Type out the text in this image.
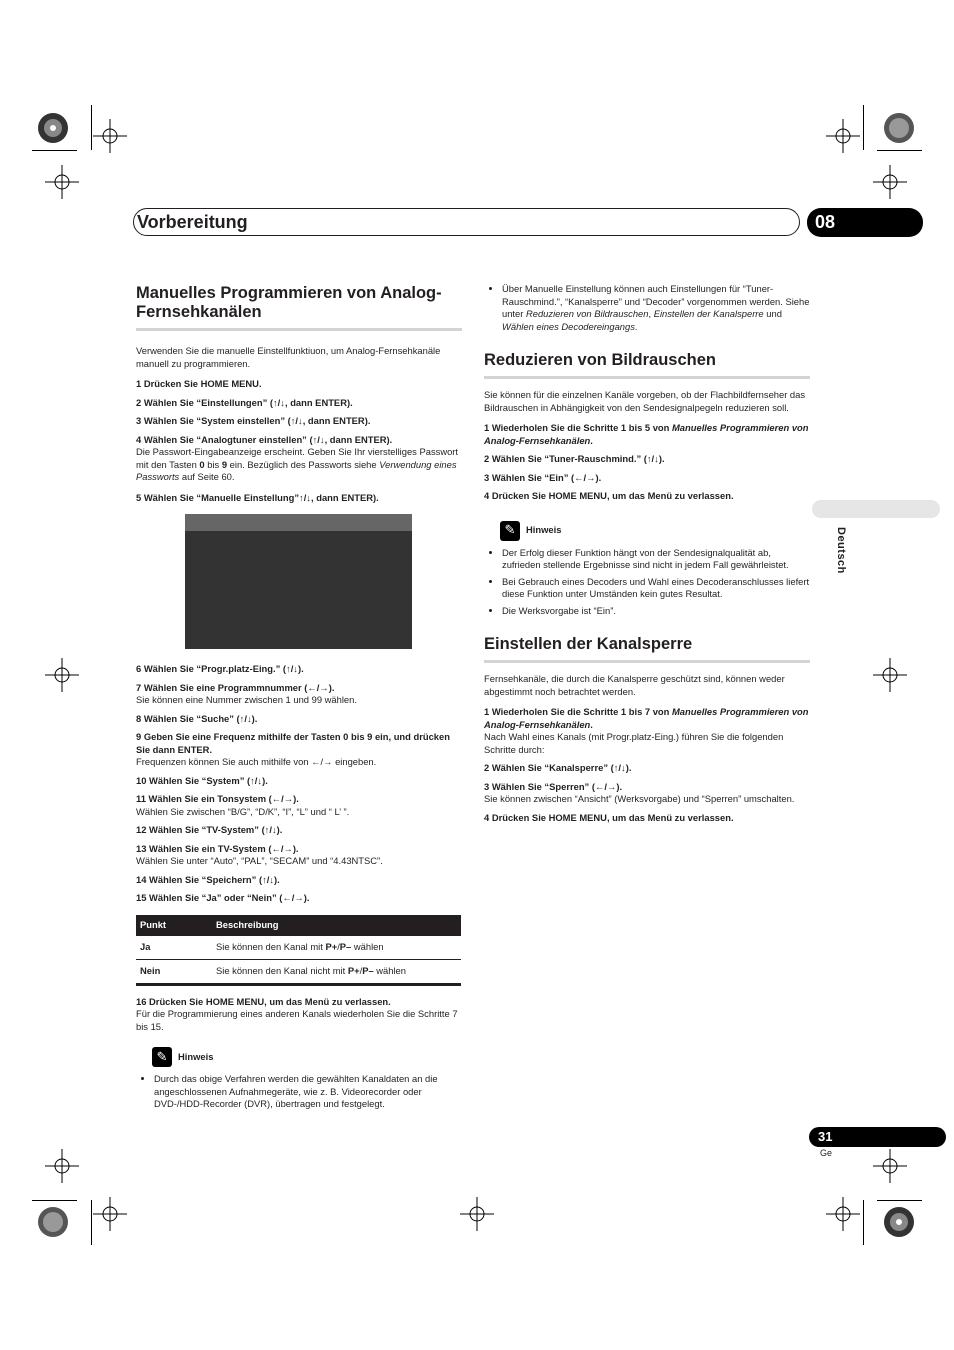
Vorbereitung	08
Deutsch
Manuelles Programmieren von Analog-Fernsehkanälen

Verwenden Sie die manuelle Einstellfunktiuon, um Analog-Fernsehkanäle manuell zu programmieren.

1 Drücken Sie HOME MENU.

2 Wählen Sie “Einstellungen” (↑/↓, dann ENTER).

3 Wählen Sie “System einstellen” (↑/↓, dann ENTER).

4 Wählen Sie “Analogtuner einstellen” (↑/↓, dann ENTER).

Die Passwort-Eingabeanzeige erscheint. Geben Sie Ihr vierstelliges Passwort mit den Tasten 0 bis 9 ein. Bezüglich des Passworts siehe Verwendung eines Passworts auf Seite 60.

5 Wählen Sie “Manuelle Einstellung”↑/↓, dann ENTER).

6 Wählen Sie “Progr.platz-Eing.” (↑/↓).

7 Wählen Sie eine Programmnummer (←/→).

Sie können eine Nummer zwischen 1 und 99 wählen.

8 Wählen Sie “Suche” (↑/↓).

9 Geben Sie eine Frequenz mithilfe der Tasten 0 bis 9 ein, und drücken Sie dann ENTER.

Frequenzen können Sie auch mithilfe von ←/→ eingeben.

10 Wählen Sie “System” (↑/↓).

11 Wählen Sie ein Tonsystem (←/→).

Wählen Sie zwischen “B/G”, “D/K”, “I”, “L” und “ L’ ”.

12 Wählen Sie “TV-System” (↑/↓).

13 Wählen Sie ein TV-System (←/→).

Wählen Sie unter “Auto”, “PAL”, “SECAM” und “4.43NTSC”.

14 Wählen Sie “Speichern” (↑/↓).

15 Wählen Sie “Ja” oder “Nein” (←/→).

Punkt	Beschreibung
Ja	Sie können den Kanal mit P+/P– wählen
Nein	Sie können den Kanal nicht mit P+/P– wählen

16 Drücken Sie HOME MENU, um das Menü zu verlassen.

Für die Programmierung eines anderen Kanals wiederholen Sie die Schritte 7 bis 15.

✎	Hinweis
• Durch das obige Verfahren werden die gewählten Kanaldaten an die angeschlossenen Aufnahmegeräte, wie z. B. Videorecorder oder DVD-/HDD-Recorder (DVR), übertragen und festgelegt.
• Über Manuelle Einstellung können auch Einstellungen für “Tuner-Rauschmind.”, “Kanalsperre” und “Decoder” vorgenommen werden. Siehe unter Reduzieren von Bildrauschen, Einstellen der Kanalsperre und Wählen eines Decodereingangs.
Reduzieren von Bildrauschen

Sie können für die einzelnen Kanäle vorgeben, ob der Flachbildfernseher das Bildrauschen in Abhängigkeit von den Sendesignalpegeln reduzieren soll.

1 Wiederholen Sie die Schritte 1 bis 5 von Manuelles Programmieren von Analog-Fernsehkanälen.

2 Wählen Sie “Tuner-Rauschmind.” (↑/↓).

3 Wählen Sie “Ein” (←/→).

4 Drücken Sie HOME MENU, um das Menü zu verlassen.

✎	Hinweis
• Der Erfolg dieser Funktion hängt von der Sendesignalqualität ab, zufrieden stellende Ergebnisse sind nicht in jedem Fall gewährleistet.
• Bei Gebrauch eines Decoders und Wahl eines Decoderanschlusses liefert diese Funktion unter Umständen kein gutes Resultat.
• Die Werksvorgabe ist “Ein”.
Einstellen der Kanalsperre

Fernsehkanäle, die durch die Kanalsperre geschützt sind, können weder abgestimmt noch betrachtet werden.

1 Wiederholen Sie die Schritte 1 bis 7 von Manuelles Programmieren von Analog-Fernsehkanälen.

Nach Wahl eines Kanals (mit Progr.platz-Eing.) führen Sie die folgenden Schritte durch:

2 Wählen Sie “Kanalsperre” (↑/↓).

3 Wählen Sie “Sperren” (←/→).

Sie können zwischen “Ansicht” (Werksvorgabe) und “Sperren” umschalten.

4 Drücken Sie HOME MENU, um das Menü zu verlassen.

31
Ge
